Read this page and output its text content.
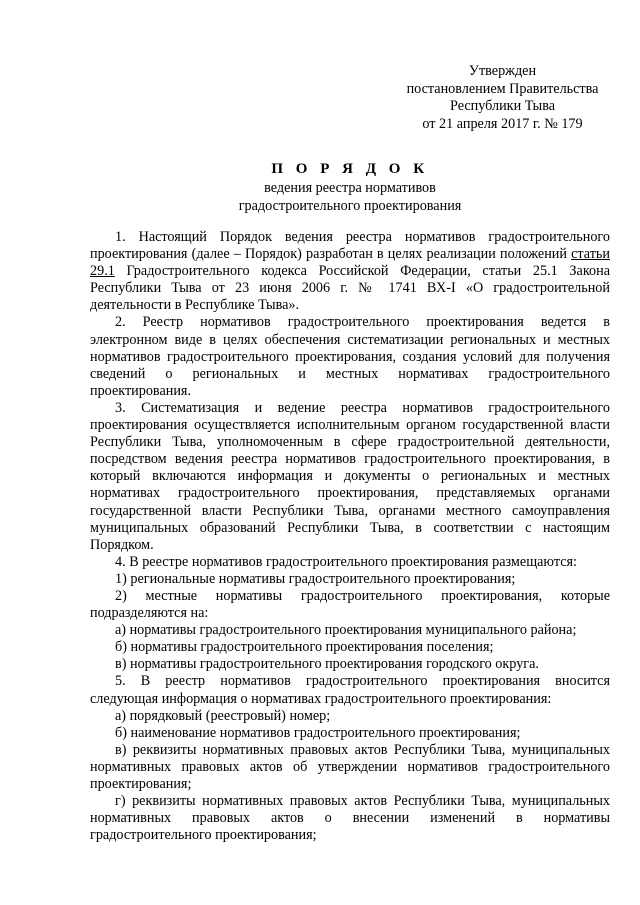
Утвержден
постановлением Правительства
Республики Тыва
от 21 апреля 2017 г. № 179
П О Р Я Д О К
ведения реестра нормативов
градостроительного проектирования

1. Настоящий Порядок ведения реестра нормативов градостроительного проектирования (далее – Порядок) разработан в целях реализации положений статьи 29.1 Градостроительного кодекса Российской Федерации, статьи 25.1 Закона Республики Тыва от 23 июня 2006 г. № 1741 ВХ-I «О градостроительной деятельности в Республике Тыва».

2. Реестр нормативов градостроительного проектирования ведется в электронном виде в целях обеспечения систематизации региональных и местных нормативов градостроительного проектирования, создания условий для получения сведений о региональных и местных нормативах градостроительного проектирования.

3. Систематизация и ведение реестра нормативов градостроительного проектирования осуществляется исполнительным органом государственной власти Республики Тыва, уполномоченным в сфере градостроительной деятельности, посредством ведения реестра нормативов градостроительного проектирования, в который включаются информация и документы о региональных и местных нормативах градостроительного проектирования, представляемых органами государственной власти Республики Тыва, органами местного самоуправления муниципальных образований Республики Тыва, в соответствии с настоящим Порядком.

4. В реестре нормативов градостроительного проектирования размещаются:

1) региональные нормативы градостроительного проектирования;

2) местные нормативы градостроительного проектирования, которые подразделяются на:

а) нормативы градостроительного проектирования муниципального района;

б) нормативы градостроительного проектирования поселения;

в) нормативы градостроительного проектирования городского округа.

5. В реестр нормативов градостроительного проектирования вносится следующая информация о нормативах градостроительного проектирования:

а) порядковый (реестровый) номер;

б) наименование нормативов градостроительного проектирования;

в) реквизиты нормативных правовых актов Республики Тыва, муниципальных нормативных правовых актов об утверждении нормативов градостроительного проектирования;

г) реквизиты нормативных правовых актов Республики Тыва, муниципальных нормативных правовых актов о внесении изменений в нормативы градостроительного проектирования;
